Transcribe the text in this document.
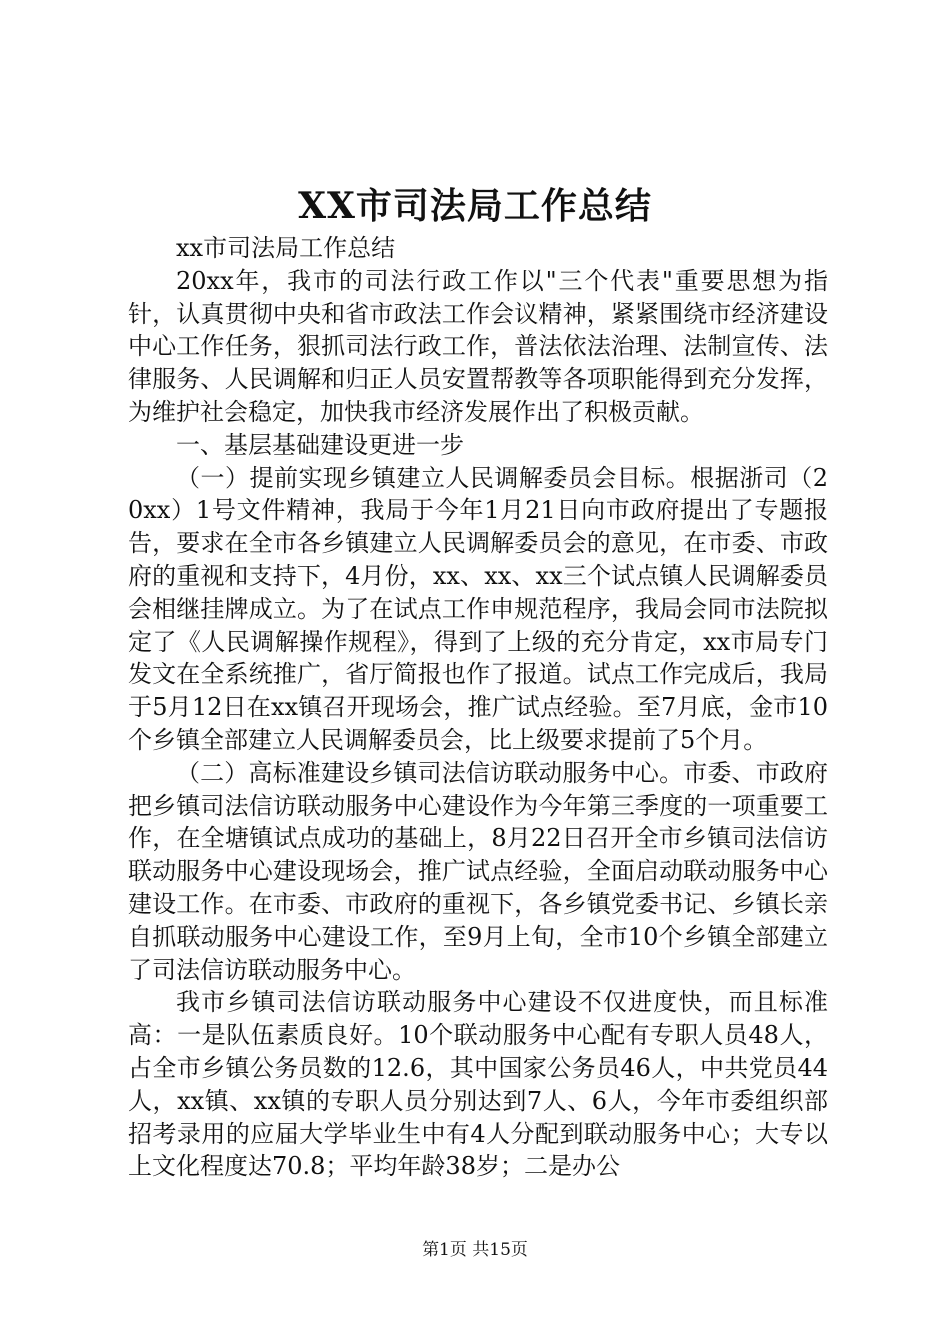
XX市司法局工作总结

xx市司法局工作总结

20xx年，我市的司法行政工作以"三个代表"重要思想为指针，认真贯彻中央和省市政法工作会议精神，紧紧围绕市经济建设中心工作任务，狠抓司法行政工作，普法依法治理、法制宣传、法律服务、人民调解和归正人员安置帮教等各项职能得到充分发挥，为维护社会稳定，加快我市经济发展作出了积极贡献。

一、基层基础建设更进一步

（一）提前实现乡镇建立人民调解委员会目标。根据浙司（20xx）1号文件精神，我局于今年1月21日向市政府提出了专题报告，要求在全市各乡镇建立人民调解委员会的意见，在市委、市政府的重视和支持下，4月份，xx、xx、xx三个试点镇人民调解委员会相继挂牌成立。为了在试点工作申规范程序，我局会同市法院拟定了《人民调解操作规程》，得到了上级的充分肯定，xx市局专门发文在全系统推广，省厅简报也作了报道。试点工作完成后，我局于5月12日在xx镇召开现场会，推广试点经验。至7月底，金市10个乡镇全部建立人民调解委员会，比上级要求提前了5个月。

（二）高标准建设乡镇司法信访联动服务中心。市委、市政府把乡镇司法信访联动服务中心建设作为今年第三季度的一项重要工作，在全塘镇试点成功的基础上，8月22日召开全市乡镇司法信访联动服务中心建设现场会，推广试点经验，全面启动联动服务中心建设工作。在市委、市政府的重视下，各乡镇党委书记、乡镇长亲自抓联动服务中心建设工作，至9月上旬，全市10个乡镇全部建立了司法信访联动服务中心。

我市乡镇司法信访联动服务中心建设不仅进度快，而且标准高：一是队伍素质良好。10个联动服务中心配有专职人员48人，占全市乡镇公务员数的12.6，其中国家公务员46人，中共党员44人，xx镇、xx镇的专职人员分别达到7人、6人，今年市委组织部招考录用的应届大学毕业生中有4人分配到联动服务中心；大专以上文化程度达70.8；平均年龄38岁；二是办公

第1页 共15页
